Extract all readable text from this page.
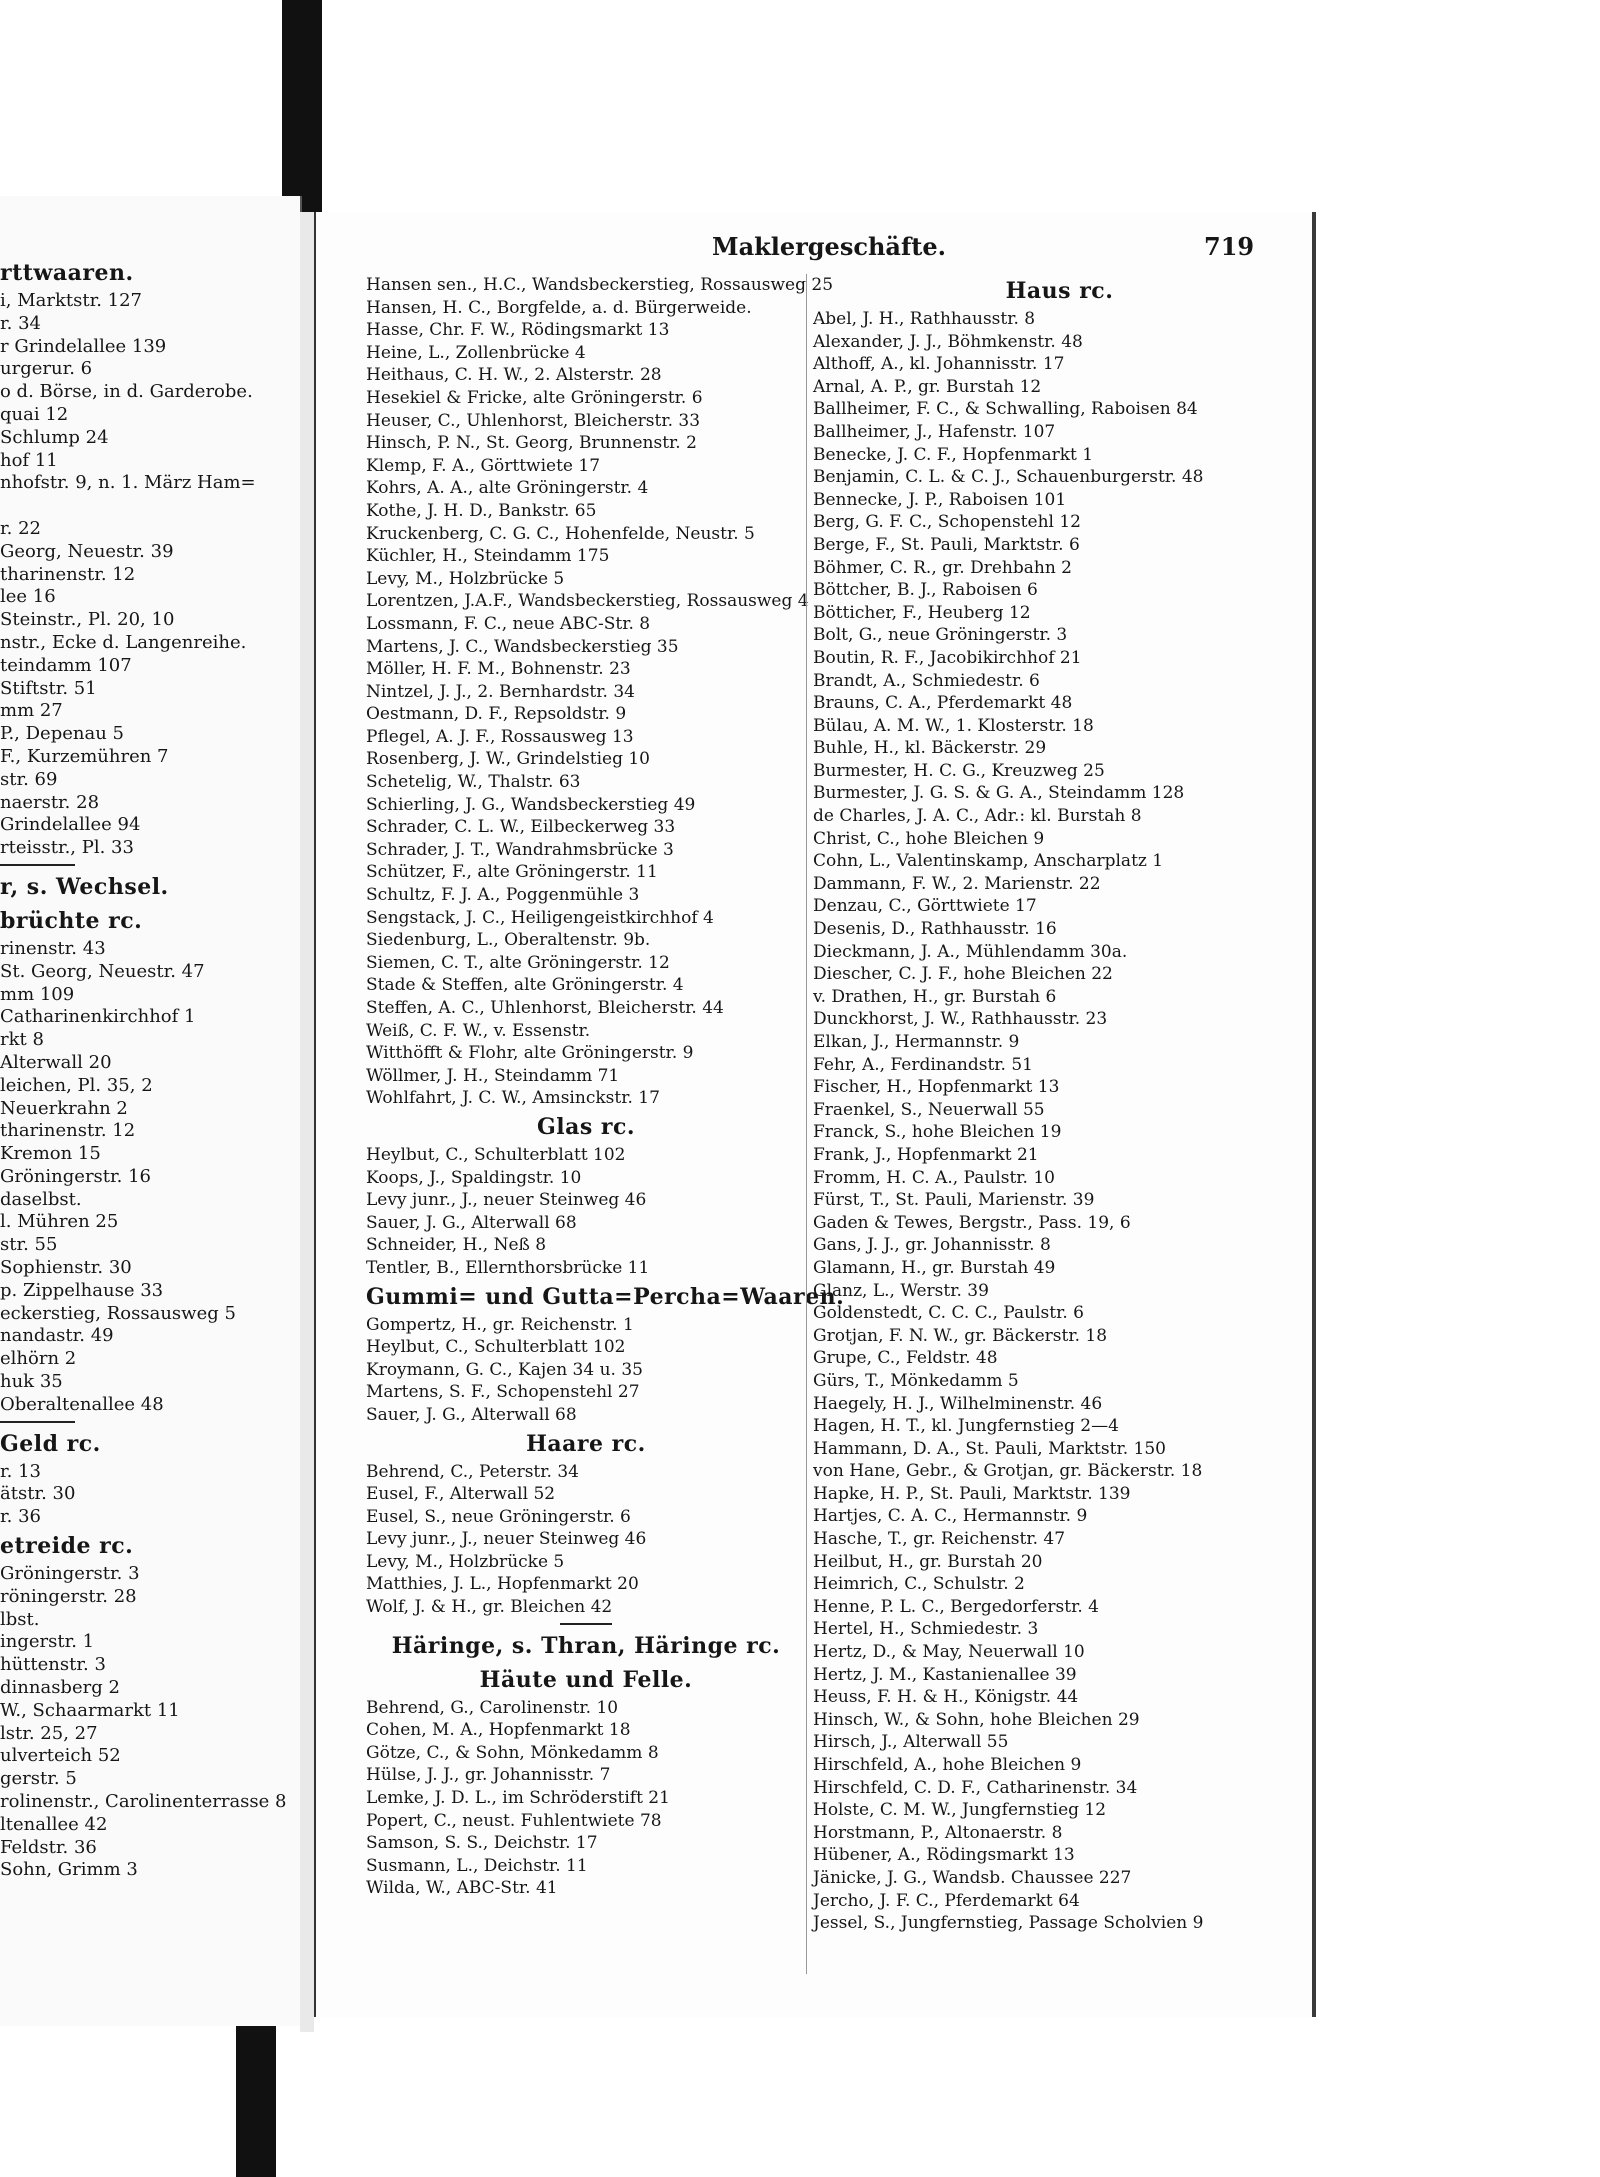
rttwaaren.
i, Marktstr. 127
r. 34
r Grindelallee 139
urgerur. 6
o d. Börse, in d. Garderobe.
quai 12
Schlump 24
hof 11
nhofstr. 9, n. 1. März Ham=
r. 22
Georg, Neuestr. 39
tharinenstr. 12
lee 16
Steinstr., Pl. 20, 10
nstr., Ecke d. Langenreihe.
teindamm 107
Stiftstr. 51
mm 27
P., Depenau 5
F., Kurzemühren 7
str. 69
naerstr. 28
Grindelallee 94
rteisstr., Pl. 33
r, s. Wechsel.
brüchte rc.
rinenstr. 43
St. Georg, Neuestr. 47
mm 109
Catharinenkirchhof 1
rkt 8
Alterwall 20
leichen, Pl. 35, 2
Neuerkrahn 2
tharinenstr. 12
Kremon 15
Gröningerstr. 16
daselbst.
l. Mühren 25
str. 55
Sophienstr. 30
p. Zippelhause 33
eckerstieg, Rossausweg 5
nandastr. 49
elhörn 2
huk 35
Oberaltenallee 48
Geld rc.
r. 13
ätstr. 30
r. 36
etreide rc.
Gröningerstr. 3
röningerstr. 28
lbst.
ingerstr. 1
hüttenstr. 3
dinnasberg 2
W., Schaarmarkt 11
lstr. 25, 27
ulverteich 52
gerstr. 5
rolinenstr., Carolinenterrasse 8
ltenallee 42
Feldstr. 36
Sohn, Grimm 3
Maklergeschäfte.	719
Hansen sen., H.C., Wandsbeckerstieg, Rossausweg 25
Hansen, H. C., Borgfelde, a. d. Bürgerweide.
Hasse, Chr. F. W., Rödingsmarkt 13
Heine, L., Zollenbrücke 4
Heithaus, C. H. W., 2. Alsterstr. 28
Hesekiel & Fricke, alte Gröningerstr. 6
Heuser, C., Uhlenhorst, Bleicherstr. 33
Hinsch, P. N., St. Georg, Brunnenstr. 2
Klemp, F. A., Görttwiete 17
Kohrs, A. A., alte Gröningerstr. 4
Kothe, J. H. D., Bankstr. 65
Kruckenberg, C. G. C., Hohenfelde, Neustr. 5
Küchler, H., Steindamm 175
Levy, M., Holzbrücke 5
Lorentzen, J.A.F., Wandsbeckerstieg, Rossausweg 4
Lossmann, F. C., neue ABC-Str. 8
Martens, J. C., Wandsbeckerstieg 35
Möller, H. F. M., Bohnenstr. 23
Nintzel, J. J., 2. Bernhardstr. 34
Oestmann, D. F., Repsoldstr. 9
Pflegel, A. J. F., Rossausweg 13
Rosenberg, J. W., Grindelstieg 10
Schetelig, W., Thalstr. 63
Schierling, J. G., Wandsbeckerstieg 49
Schrader, C. L. W., Eilbeckerweg 33
Schrader, J. T., Wandrahmsbrücke 3
Schützer, F., alte Gröningerstr. 11
Schultz, F. J. A., Poggenmühle 3
Sengstack, J. C., Heiligengeistkirchhof 4
Siedenburg, L., Oberaltenstr. 9b.
Siemen, C. T., alte Gröningerstr. 12
Stade & Steffen, alte Gröningerstr. 4
Steffen, A. C., Uhlenhorst, Bleicherstr. 44
Weiß, C. F. W., v. Essenstr.
Witthöfft & Flohr, alte Gröningerstr. 9
Wöllmer, J. H., Steindamm 71
Wohlfahrt, J. C. W., Amsinckstr. 17
Glas rc.
Heylbut, C., Schulterblatt 102
Koops, J., Spaldingstr. 10
Levy junr., J., neuer Steinweg 46
Sauer, J. G., Alterwall 68
Schneider, H., Neß 8
Tentler, B., Ellernthorsbrücke 11
Gummi= und Gutta=Percha=Waaren.
Gompertz, H., gr. Reichenstr. 1
Heylbut, C., Schulterblatt 102
Kroymann, G. C., Kajen 34 u. 35
Martens, S. F., Schopenstehl 27
Sauer, J. G., Alterwall 68
Haare rc.
Behrend, C., Peterstr. 34
Eusel, F., Alterwall 52
Eusel, S., neue Gröningerstr. 6
Levy junr., J., neuer Steinweg 46
Levy, M., Holzbrücke 5
Matthies, J. L., Hopfenmarkt 20
Wolf, J. & H., gr. Bleichen 42
Häringe, s. Thran, Häringe rc.
Häute und Felle.
Behrend, G., Carolinenstr. 10
Cohen, M. A., Hopfenmarkt 18
Götze, C., & Sohn, Mönkedamm 8
Hülse, J. J., gr. Johannisstr. 7
Lemke, J. D. L., im Schröderstift 21
Popert, C., neust. Fuhlentwiete 78
Samson, S. S., Deichstr. 17
Susmann, L., Deichstr. 11
Wilda, W., ABC-Str. 41
Haus rc.
Abel, J. H., Rathhausstr. 8
Alexander, J. J., Böhmkenstr. 48
Althoff, A., kl. Johannisstr. 17
Arnal, A. P., gr. Burstah 12
Ballheimer, F. C., & Schwalling, Raboisen 84
Ballheimer, J., Hafenstr. 107
Benecke, J. C. F., Hopfenmarkt 1
Benjamin, C. L. & C. J., Schauenburgerstr. 48
Bennecke, J. P., Raboisen 101
Berg, G. F. C., Schopenstehl 12
Berge, F., St. Pauli, Marktstr. 6
Böhmer, C. R., gr. Drehbahn 2
Böttcher, B. J., Raboisen 6
Bötticher, F., Heuberg 12
Bolt, G., neue Gröningerstr. 3
Boutin, R. F., Jacobikirchhof 21
Brandt, A., Schmiedestr. 6
Brauns, C. A., Pferdemarkt 48
Bülau, A. M. W., 1. Klosterstr. 18
Buhle, H., kl. Bäckerstr. 29
Burmester, H. C. G., Kreuzweg 25
Burmester, J. G. S. & G. A., Steindamm 128
de Charles, J. A. C., Adr.: kl. Burstah 8
Christ, C., hohe Bleichen 9
Cohn, L., Valentinskamp, Anscharplatz 1
Dammann, F. W., 2. Marienstr. 22
Denzau, C., Görttwiete 17
Desenis, D., Rathhausstr. 16
Dieckmann, J. A., Mühlendamm 30a.
Diescher, C. J. F., hohe Bleichen 22
v. Drathen, H., gr. Burstah 6
Dunckhorst, J. W., Rathhausstr. 23
Elkan, J., Hermannstr. 9
Fehr, A., Ferdinandstr. 51
Fischer, H., Hopfenmarkt 13
Fraenkel, S., Neuerwall 55
Franck, S., hohe Bleichen 19
Frank, J., Hopfenmarkt 21
Fromm, H. C. A., Paulstr. 10
Fürst, T., St. Pauli, Marienstr. 39
Gaden & Tewes, Bergstr., Pass. 19, 6
Gans, J. J., gr. Johannisstr. 8
Glamann, H., gr. Burstah 49
Glanz, L., Werstr. 39
Goldenstedt, C. C. C., Paulstr. 6
Grotjan, F. N. W., gr. Bäckerstr. 18
Grupe, C., Feldstr. 48
Gürs, T., Mönkedamm 5
Haegely, H. J., Wilhelminenstr. 46
Hagen, H. T., kl. Jungfernstieg 2—4
Hammann, D. A., St. Pauli, Marktstr. 150
von Hane, Gebr., & Grotjan, gr. Bäckerstr. 18
Hapke, H. P., St. Pauli, Marktstr. 139
Hartjes, C. A. C., Hermannstr. 9
Hasche, T., gr. Reichenstr. 47
Heilbut, H., gr. Burstah 20
Heimrich, C., Schulstr. 2
Henne, P. L. C., Bergedorferstr. 4
Hertel, H., Schmiedestr. 3
Hertz, D., & May, Neuerwall 10
Hertz, J. M., Kastanienallee 39
Heuss, F. H. & H., Königstr. 44
Hinsch, W., & Sohn, hohe Bleichen 29
Hirsch, J., Alterwall 55
Hirschfeld, A., hohe Bleichen 9
Hirschfeld, C. D. F., Catharinenstr. 34
Holste, C. M. W., Jungfernstieg 12
Horstmann, P., Altonaerstr. 8
Hübener, A., Rödingsmarkt 13
Jänicke, J. G., Wandsb. Chaussee 227
Jercho, J. F. C., Pferdemarkt 64
Jessel, S., Jungfernstieg, Passage Scholvien 9
